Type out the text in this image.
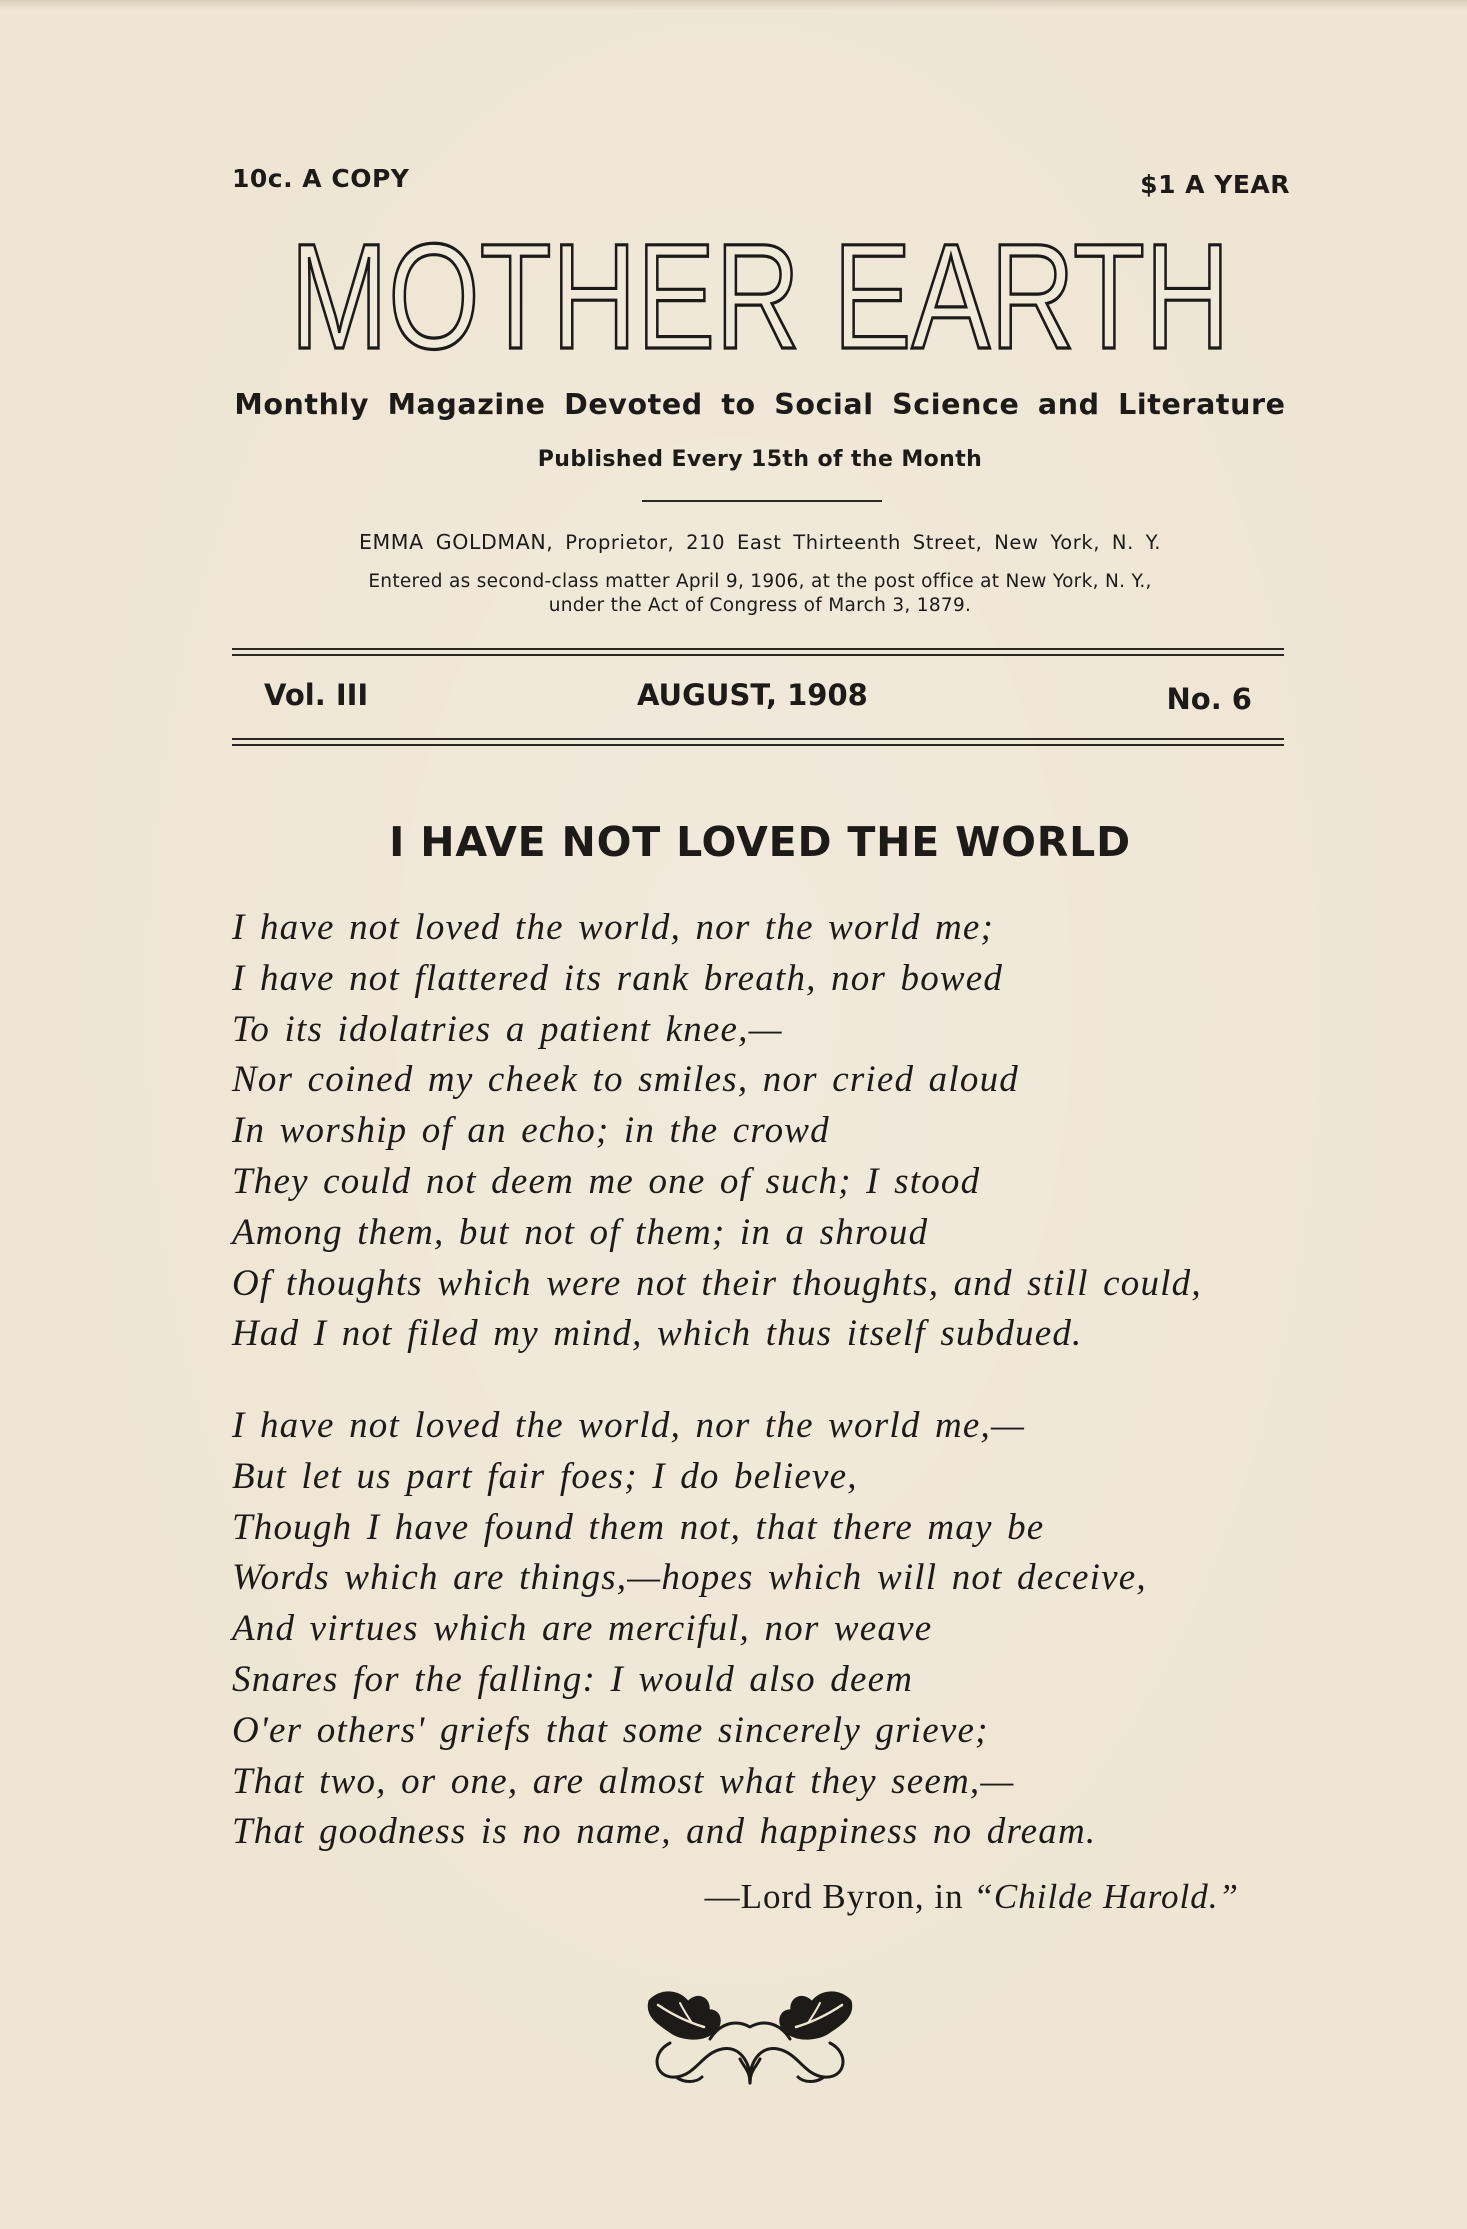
10c. A COPY	$1 A YEAR
MOTHER EARTH
Monthly Magazine Devoted to Social Science and Literature
Published Every 15th of the Month
EMMA GOLDMAN, Proprietor, 210 East Thirteenth Street, New York, N. Y.
Entered as second-class matter April 9, 1906, at the post office at New York, N. Y.,
under the Act of Congress of March 3, 1879.
Vol. III	AUGUST, 1908	No. 6
I HAVE NOT LOVED THE WORLD
I have not loved the world, nor the world me;
I have not flattered its rank breath, nor bowed
To its idolatries a patient knee,—
Nor coined my cheek to smiles, nor cried aloud
In worship of an echo; in the crowd
They could not deem me one of such; I stood
Among them, but not of them; in a shroud
Of thoughts which were not their thoughts, and still could,
Had I not filed my mind, which thus itself subdued.
I have not loved the world, nor the world me,—
But let us part fair foes; I do believe,
Though I have found them not, that there may be
Words which are things,—hopes which will not deceive,
And virtues which are merciful, nor weave
Snares for the falling: I would also deem
O'er others' griefs that some sincerely grieve;
That two, or one, are almost what they seem,—
That goodness is no name, and happiness no dream.
—Lord Byron, in “Childe Harold.”
